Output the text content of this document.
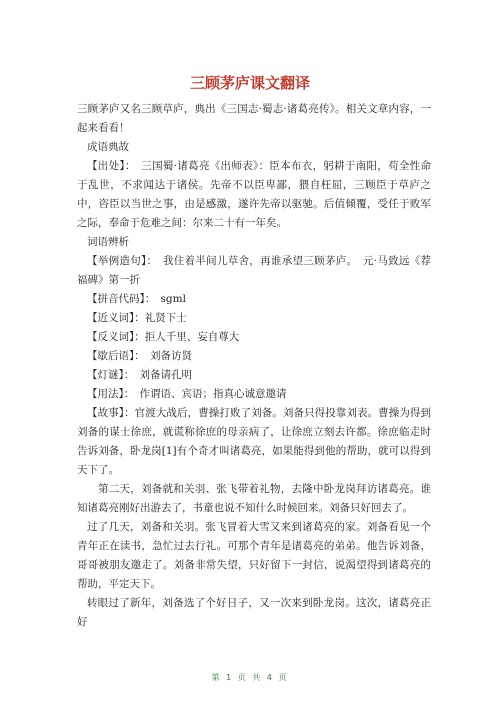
三顾茅庐课文翻译

三顾茅庐又名三顾草庐，典出《三国志·蜀志·诸葛亮传》。相关文章内容，一起来看看！

成语典故

【出处】：　三国蜀·诸葛亮《出师表》：臣本布衣，躬耕于南阳，苟全性命于乱世，不求闻达于诸侯。先帝不以臣卑鄙，猥自枉屈，三顾臣于草庐之中，咨臣以当世之事，由是感激，遂许先帝以驱驰。后值倾覆，受任于败军之际，奉命于危难之间：尔来二十有一年矣。

词语辨析

【举例造句】：　我住着半间儿草舍，再谁承望三顾茅庐。　元·马致远《荐福碑》第一折

【拼音代码】：　sgml

【近义词】：礼贤下士

【反义词】：拒人千里、妄自尊大

【歇后语】：　刘备访贤

【灯谜】：　刘备请孔明

【用法】：　作谓语、宾语；指真心诚意邀请

【故事】：官渡大战后，曹操打败了刘备。刘备只得投靠刘表。曹操为得到刘备的谋士徐庶，就谎称徐庶的母亲病了，让徐庶立刻去许都。徐庶临走时告诉刘备，卧龙岗[1]有个奇才叫诸葛亮，如果能得到他的帮助，就可以得到天下了。

第二天，刘备就和关羽、张飞带着礼物，去隆中卧龙岗拜访诸葛亮。谁知诸葛亮刚好出游去了，书童也说不知什么时候回来。刘备只好回去了。

过了几天，刘备和关羽。张飞冒着大雪又来到诸葛亮的家。刘备看见一个青年正在读书，急忙过去行礼。可那个青年是诸葛亮的弟弟。他告诉刘备，哥哥被朋友邀走了。刘备非常失望，只好留下一封信，说渴望得到诸葛亮的帮助，平定天下。

转眼过了新年，刘备选了个好日子，又一次来到卧龙岗。这次，诸葛亮正好

第 1 页 共 4 页
